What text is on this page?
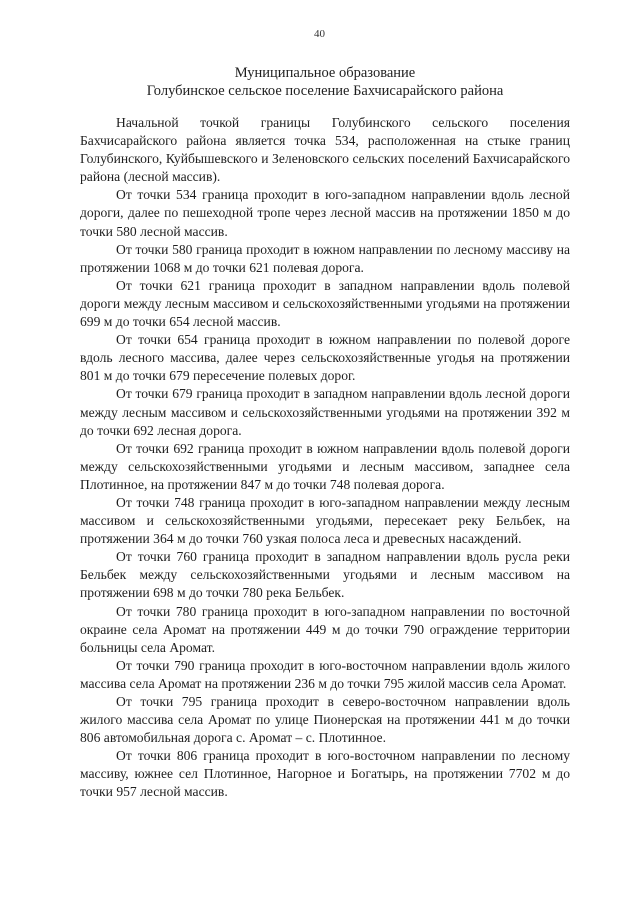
40
Муниципальное образование
Голубинское сельское поселение Бахчисарайского района

Начальной точкой границы Голубинского сельского поселения Бахчисарайского района является точка 534, расположенная на стыке границ Голубинского, Куйбышевского и Зеленовского сельских поселений Бахчисарайского района (лесной массив).

От точки 534 граница проходит в юго-западном направлении вдоль лесной дороги, далее по пешеходной тропе через лесной массив на протяжении 1850 м до точки 580 лесной массив.

От точки 580 граница проходит в южном направлении по лесному массиву на протяжении 1068 м до точки 621 полевая дорога.

От точки 621 граница проходит в западном направлении вдоль полевой дороги между лесным массивом и сельскохозяйственными угодьями на протяжении 699 м до точки 654 лесной массив.

От точки 654 граница проходит в южном направлении по полевой дороге вдоль лесного массива, далее через сельскохозяйственные угодья на протяжении 801 м до точки 679 пересечение полевых дорог.

От точки 679 граница проходит в западном направлении вдоль лесной дороги между лесным массивом и сельскохозяйственными угодьями на протяжении 392 м до точки 692 лесная дорога.

От точки 692 граница проходит в южном направлении вдоль полевой дороги между сельскохозяйственными угодьями и лесным массивом, западнее села Плотинное, на протяжении 847 м до точки 748 полевая дорога.

От точки 748 граница проходит в юго-западном направлении между лесным массивом и сельскохозяйственными угодьями, пересекает реку Бельбек, на протяжении 364 м до точки 760 узкая полоса леса и древесных насаждений.

От точки 760 граница проходит в западном направлении вдоль русла реки Бельбек между сельскохозяйственными угодьями и лесным массивом на протяжении 698 м до точки 780 река Бельбек.

От точки 780 граница проходит в юго-западном направлении по восточной окраине села Аромат на протяжении 449 м до точки 790 ограждение территории больницы села Аромат.

От точки 790 граница проходит в юго-восточном направлении вдоль жилого массива села Аромат на протяжении 236 м до точки 795 жилой массив села Аромат.

От точки 795 граница проходит в северо-восточном направлении вдоль жилого массива села Аромат по улице Пионерская на протяжении 441 м до точки 806 автомобильная дорога с. Аромат – с. Плотинное.

От точки 806 граница проходит в юго-восточном направлении по лесному массиву, южнее сел Плотинное, Нагорное и Богатырь, на протяжении 7702 м до точки 957 лесной массив.
